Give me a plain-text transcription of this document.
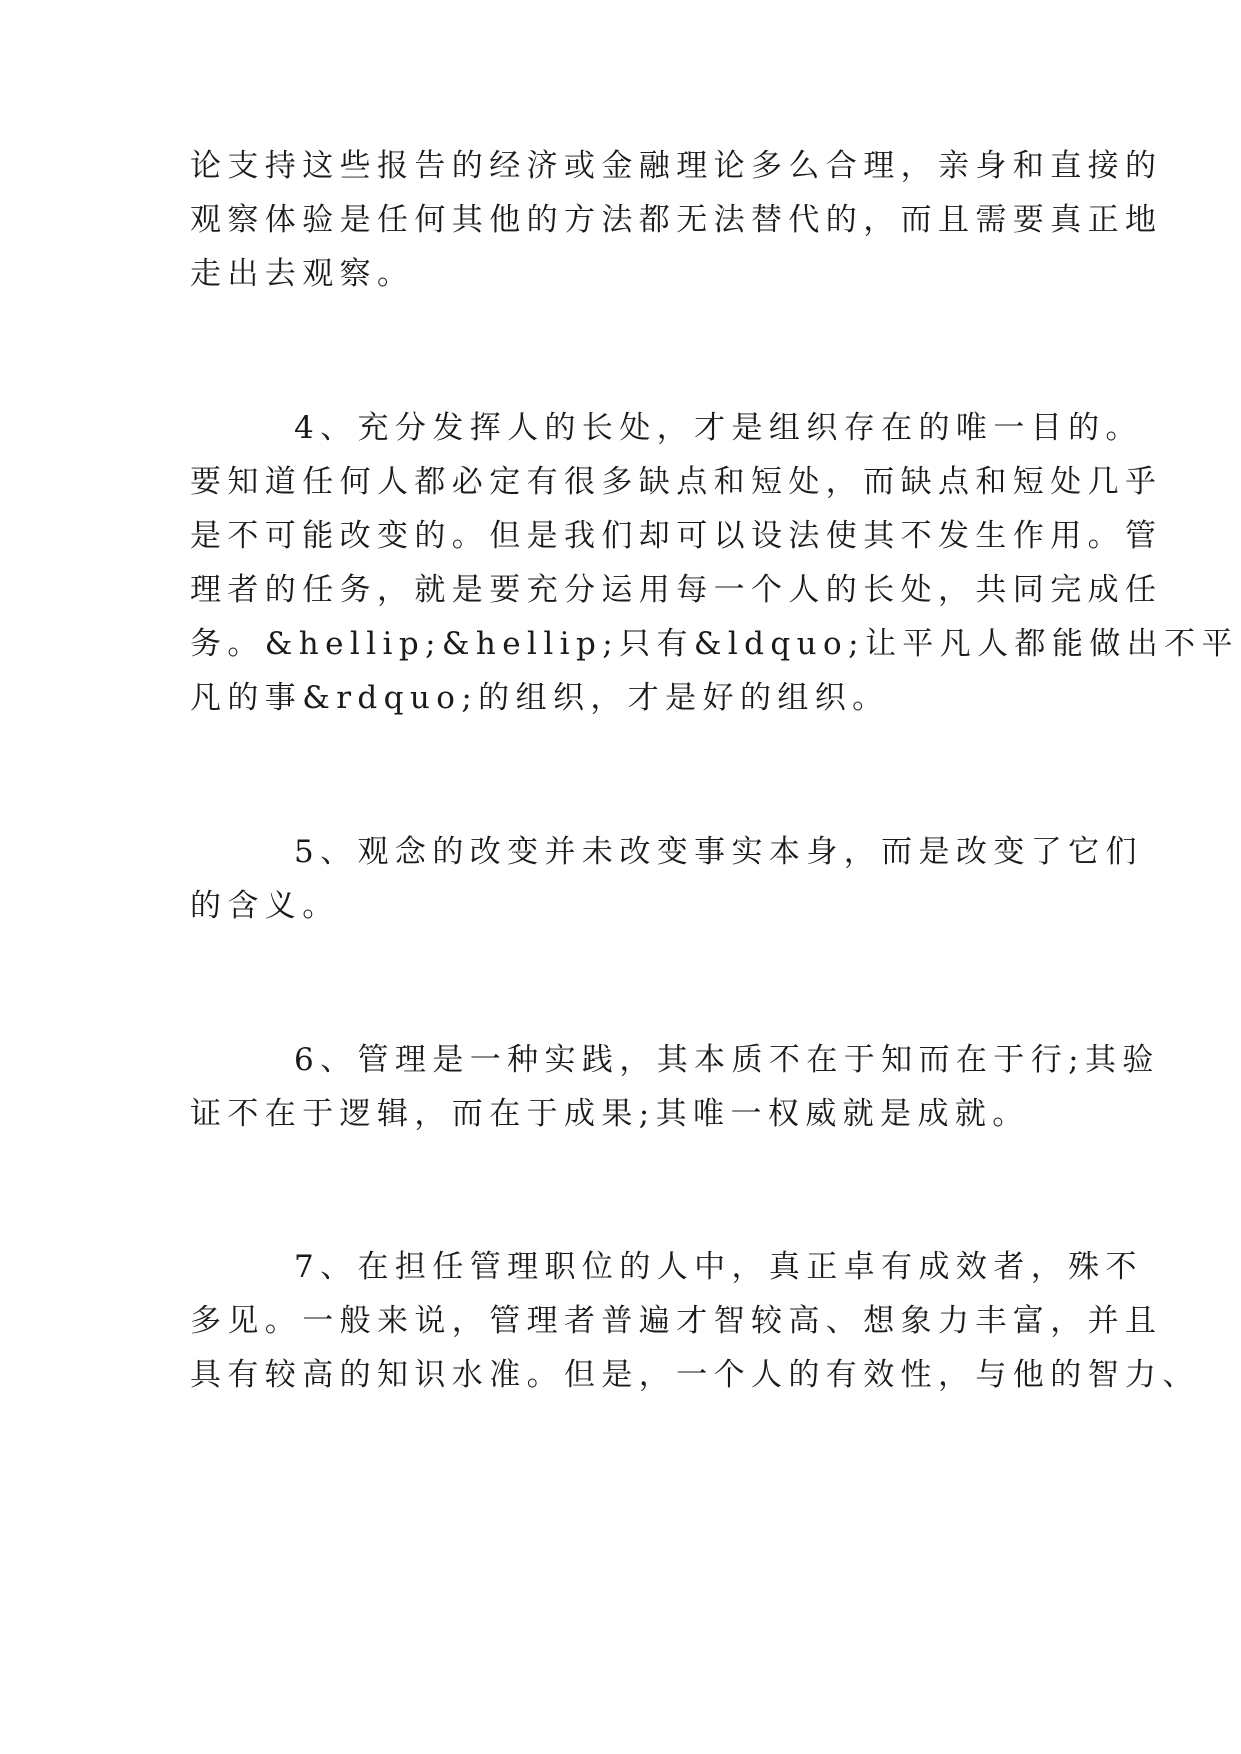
论支持这些报告的经济或金融理论多么合理，亲身和直接的
观察体验是任何其他的方法都无法替代的，而且需要真正地
走出去观察。
4、充分发挥人的长处，才是组织存在的唯一目的。
要知道任何人都必定有很多缺点和短处，而缺点和短处几乎
是不可能改变的。但是我们却可以设法使其不发生作用。管
理者的任务，就是要充分运用每一个人的长处，共同完成任
务。&hellip;&hellip;只有&ldquo;让平凡人都能做出不平
凡的事&rdquo;的组织，才是好的组织。
5、观念的改变并未改变事实本身，而是改变了它们
的含义。
6、管理是一种实践，其本质不在于知而在于行;其验
证不在于逻辑，而在于成果;其唯一权威就是成就。
7、在担任管理职位的人中，真正卓有成效者，殊不
多见。一般来说，管理者普遍才智较高、想象力丰富，并且
具有较高的知识水准。但是，一个人的有效性，与他的智力、
